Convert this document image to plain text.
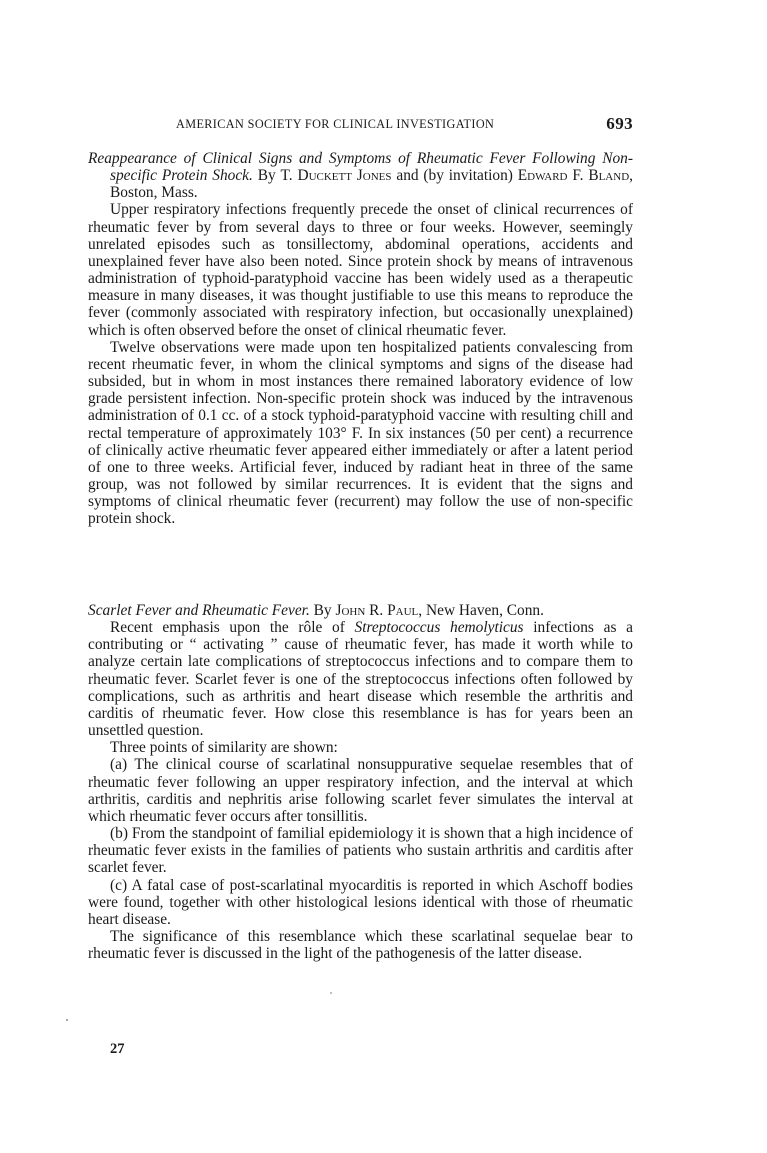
AMERICAN SOCIETY FOR CLINICAL INVESTIGATION	693

Reappearance of Clinical Signs and Symptoms of Rheumatic Fever Following Non-specific Protein Shock. By T. Duckett Jones and (by invitation) Edward F. Bland, Boston, Mass.

Upper respiratory infections frequently precede the onset of clinical recurrences of rheumatic fever by from several days to three or four weeks. However, seemingly unrelated episodes such as tonsillectomy, abdominal operations, accidents and unexplained fever have also been noted. Since protein shock by means of intravenous administration of typhoid-paratyphoid vaccine has been widely used as a therapeutic measure in many diseases, it was thought justifiable to use this means to reproduce the fever (commonly associated with respiratory infection, but occasionally unexplained) which is often observed before the onset of clinical rheumatic fever.

Twelve observations were made upon ten hospitalized patients convalescing from recent rheumatic fever, in whom the clinical symptoms and signs of the disease had subsided, but in whom in most instances there remained laboratory evidence of low grade persistent infection. Non-specific protein shock was induced by the intravenous administration of 0.1 cc. of a stock typhoid-paratyphoid vaccine with resulting chill and rectal temperature of approximately 103° F. In six instances (50 per cent) a recurrence of clinically active rheumatic fever appeared either immediately or after a latent period of one to three weeks. Artificial fever, induced by radiant heat in three of the same group, was not followed by similar recurrences. It is evident that the signs and symptoms of clinical rheumatic fever (recurrent) may follow the use of non-specific protein shock.

Scarlet Fever and Rheumatic Fever. By John R. Paul, New Haven, Conn.

Recent emphasis upon the rôle of Streptococcus hemolyticus infections as a contributing or “ activating ” cause of rheumatic fever, has made it worth while to analyze certain late complications of streptococcus infections and to compare them to rheumatic fever. Scarlet fever is one of the streptococcus infections often followed by complications, such as arthritis and heart disease which resemble the arthritis and carditis of rheumatic fever. How close this resemblance is has for years been an unsettled question.

Three points of similarity are shown:

(a) The clinical course of scarlatinal nonsuppurative sequelae resembles that of rheumatic fever following an upper respiratory infection, and the interval at which arthritis, carditis and nephritis arise following scarlet fever simulates the interval at which rheumatic fever occurs after tonsillitis.

(b) From the standpoint of familial epidemiology it is shown that a high incidence of rheumatic fever exists in the families of patients who sustain arthritis and carditis after scarlet fever.

(c) A fatal case of post-scarlatinal myocarditis is reported in which Aschoff bodies were found, together with other histological lesions identical with those of rheumatic heart disease.

The significance of this resemblance which these scarlatinal sequelae bear to rheumatic fever is discussed in the light of the pathogenesis of the latter disease.

27
